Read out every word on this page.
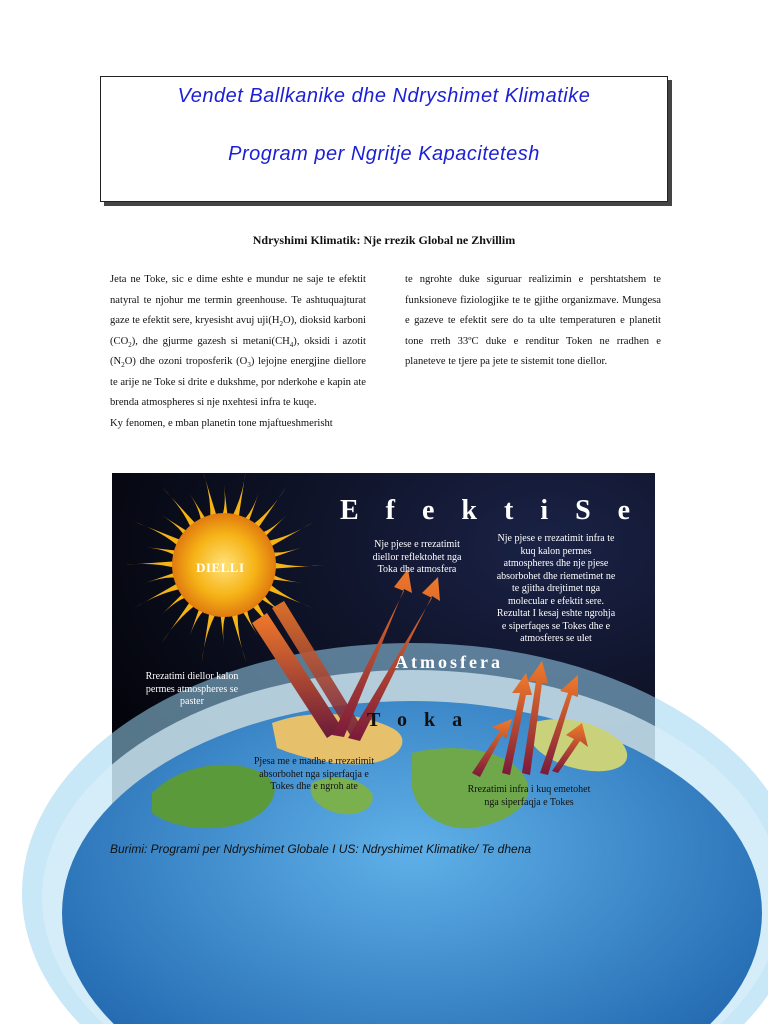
Vendet Ballkanike dhe Ndryshimet Klimatike
Program per Ngritje Kapacitetesh
Ndryshimi Klimatik: Nje rrezik Global ne Zhvillim

Jeta ne Toke, sic e dime eshte e mundur ne saje te efektit natyral te njohur me termin greenhouse. Te ashtuquajturat gaze te efektit sere, kryesisht avuj $uji(H_2O)$, dioksid karboni $(CO_2)$, dhe gjurme gazesh si $metani(CH_4)$, oksidi i azotit $(N_2O)$ dhe ozoni troposferik $(O_3)$ lejojne energjine diellore te arije ne Toke si drite e dukshme, por nderkohe e kapin ate brenda atmospheres si nje nxehtesi infra te kuqe.

Ky fenomen, e mban planetin tone mjaftueshmerisht

te ngrohte duke siguruar realizimin e pershtatshem te funksioneve fiziologjike te te gjithe organizmave. Mungesa e gazeve te efektit sere do ta ulte temperaturen e planetit tone rreth 33ºC duke e renditur Token ne rradhen e planeteve te tjere pa jete te sistemit tone diellor.

E f e k t i S e r e
DIELLI
Atmosfera
T o k a
Nje pjese e rrezatimit diellor reflektohet nga Toka dhe atmosfera
Nje pjese e rrezatimit infra te kuq kalon permes atmospheres dhe nje pjese absorbohet dhe riemetimet ne te gjitha drejtimet nga molecular e efektit sere. Rezultat I kesaj eshte ngrohja e siperfaqes se Tokes dhe e atmosferes se ulet
Rrezatimi diellor kalon permes atmospheres se paster
Pjesa me e madhe e rrezatimit absorbohet nga siperfaqja e Tokes dhe e ngroh ate	Rrezatimi infra i kuq emetohet nga siperfaqja e Tokes
Burimi: Programi per Ndryshimet Globale I US: Ndryshimet Klimatike/ Te dhena
